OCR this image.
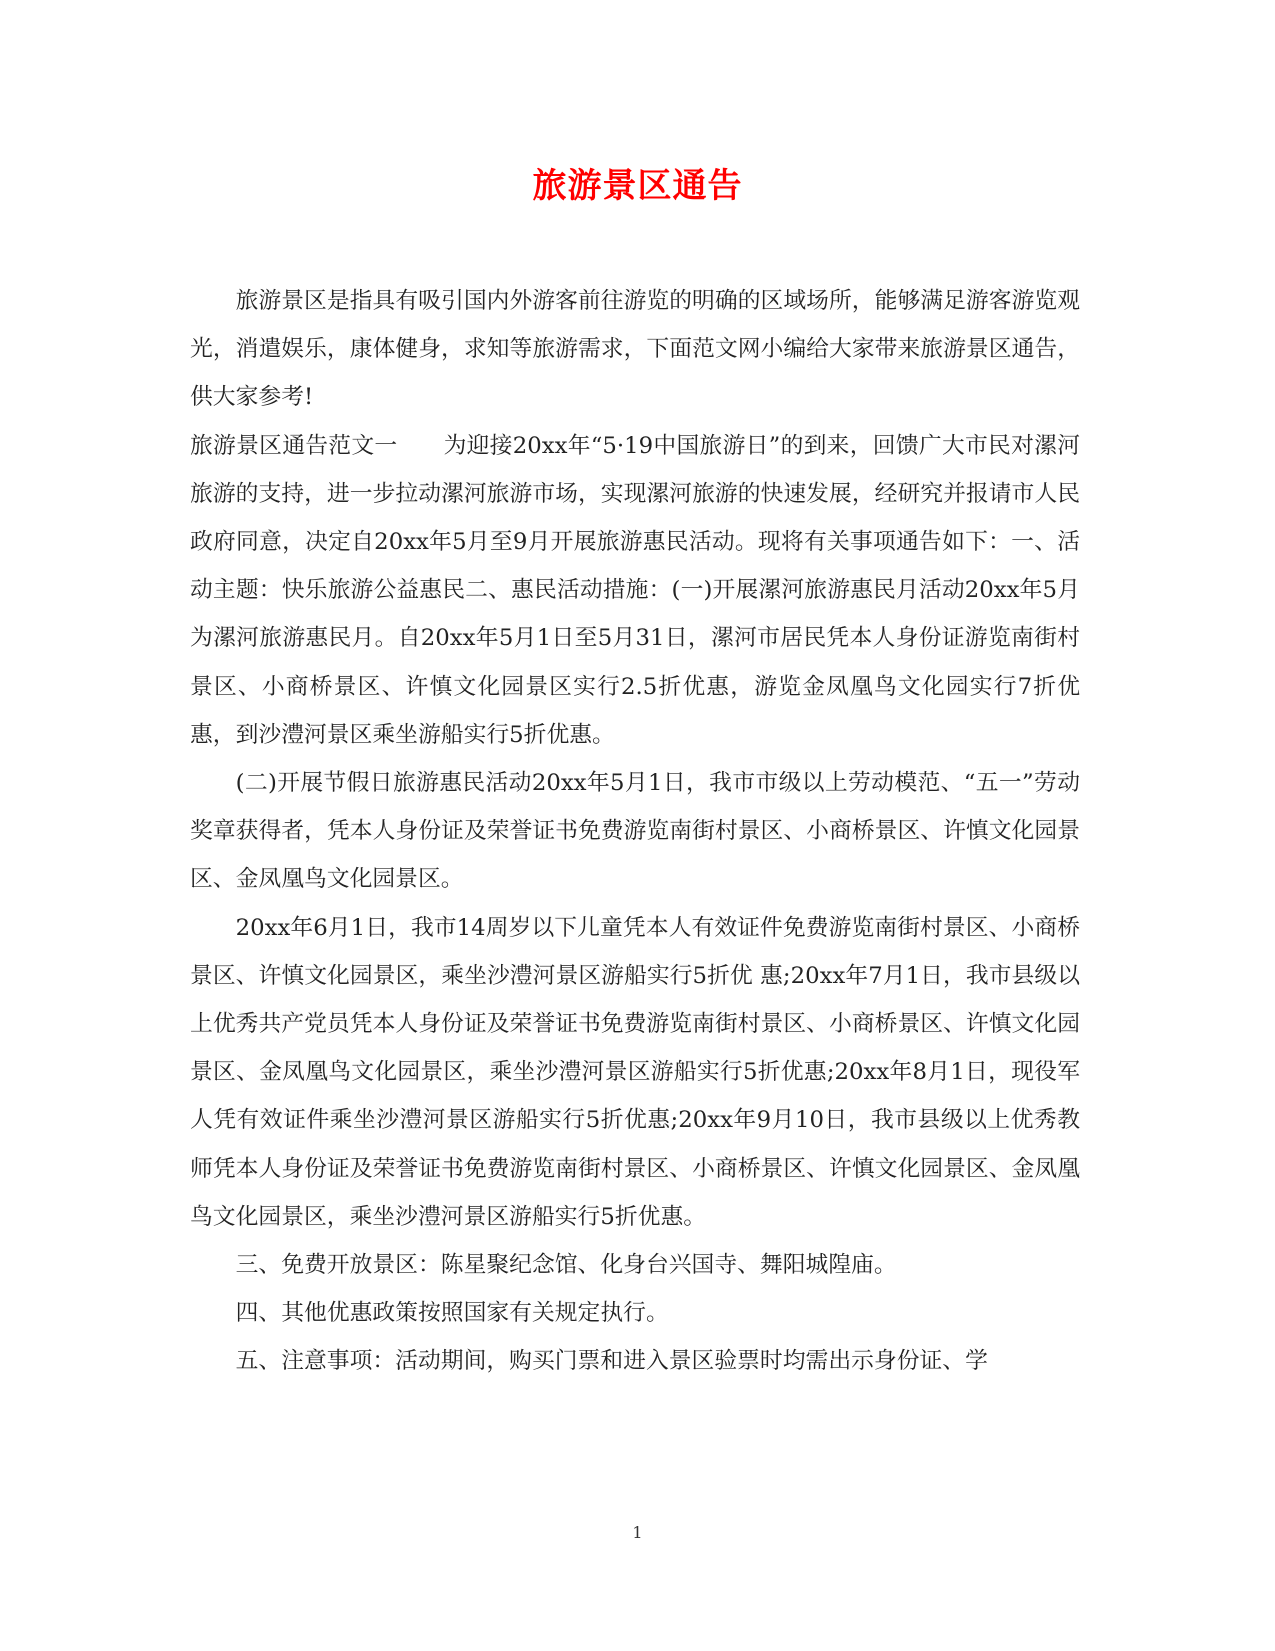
旅游景区通告

旅游景区是指具有吸引国内外游客前往游览的明确的区域场所，能够满足游客游览观光，消遣娱乐，康体健身，求知等旅游需求，下面范文网小编给大家带来旅游景区通告，供大家参考!

旅游景区通告范文一　　为迎接20xx年“5·19中国旅游日”的到来，回馈广大市民对漯河旅游的支持，进一步拉动漯河旅游市场，实现漯河旅游的快速发展，经研究并报请市人民政府同意，决定自20xx年5月至9月开展旅游惠民活动。现将有关事项通告如下：一、活动主题：快乐旅游公益惠民二、惠民活动措施：(一)开展漯河旅游惠民月活动20xx年5月为漯河旅游惠民月。自20xx年5月1日至5月31日，漯河市居民凭本人身份证游览南街村景区、小商桥景区、许慎文化园景区实行2.5折优惠，游览金凤凰鸟文化园实行7折优惠，到沙澧河景区乘坐游船实行5折优惠。

(二)开展节假日旅游惠民活动20xx年5月1日，我市市级以上劳动模范、“五一”劳动奖章获得者，凭本人身份证及荣誉证书免费游览南街村景区、小商桥景区、许慎文化园景区、金凤凰鸟文化园景区。

20xx年6月1日，我市14周岁以下儿童凭本人有效证件免费游览南街村景区、小商桥景区、许慎文化园景区，乘坐沙澧河景区游船实行5折优 惠;20xx年7月1日，我市县级以上优秀共产党员凭本人身份证及荣誉证书免费游览南街村景区、小商桥景区、许慎文化园景区、金凤凰鸟文化园景区，乘坐沙澧河景区游船实行5折优惠;20xx年8月1日，现役军人凭有效证件乘坐沙澧河景区游船实行5折优惠;20xx年9月10日，我市县级以上优秀教师凭本人身份证及荣誉证书免费游览南街村景区、小商桥景区、许慎文化园景区、金凤凰鸟文化园景区，乘坐沙澧河景区游船实行5折优惠。

三、免费开放景区：陈星聚纪念馆、化身台兴国寺、舞阳城隍庙。

四、其他优惠政策按照国家有关规定执行。

五、注意事项：活动期间，购买门票和进入景区验票时均需出示身份证、学

1
